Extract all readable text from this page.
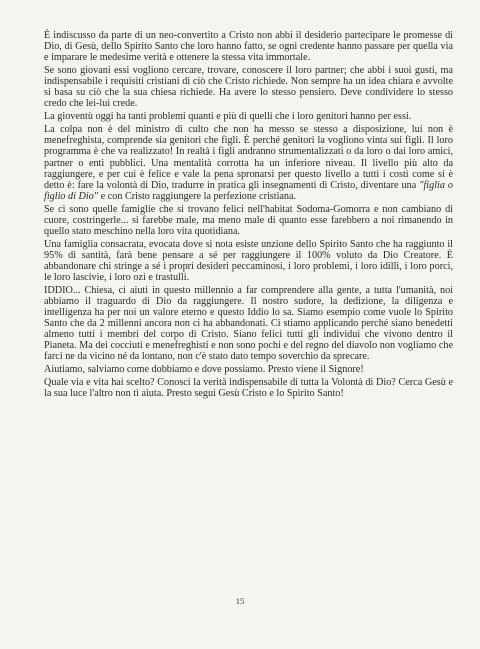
È indiscusso da parte di un neo-convertito a Cristo non abbi il desiderio partecipare le promesse di Dio, di Gesù, dello Spirito Santo che loro hanno fatto, se ogni credente hanno passare per quella via e imparare le medesime verità e ottenere la stessa vita immortale.

Se sono giovani essi vogliono cercare, trovare, conoscere il loro partner; che abbi i suoi gusti, ma indispensabile i requisiti cristiani di ciò che Cristo richiede. Non sempre ha un idea chiara e avvolte si basa su ciò che la sua chiesa richiede. Ha avere lo stesso pensiero. Deve condividere lo stesso credo che lei-lui crede.

La gioventù oggi ha tanti problemi quanti e più di quelli che i loro genitori hanno per essi.

La colpa non è del ministro di culto che non ha messo se stesso a disposizione, lui non è menefreghista, comprende sia genitori che figli. È perché genitori la vogliono vinta sui figli. Il loro programma è che va realizzato! In realtà i figli andranno strumentalizzati o da loro o dai loro amici, partner o enti pubblici. Una mentalità corrotta ha un inferiore niveau. Il livello più alto da raggiungere, e per cui è felice e vale la pena spronarsi per questo livello a tutti i costi come si è detto è: fare la volontà di Dio, tradurre in pratica gli insegnamenti di Cristo, diventare una "figlia o figlio di Dio" e con Cristo raggiungere la perfezione cristiana.

Se ci sono quelle famiglie che si trovano felici nell'habitat Sodoma-Gomorra e non cambiano di cuore, costringerle... si farebbe male, ma meno male di quanto esse farebbero a noi rimanendo in quello stato meschino nella loro vita quotidiana.

Una famiglia consacrata, evocata dove si nota esiste unzione dello Spirito Santo che ha raggiunto il 95% di santità, farà bene pensare a sé per raggiungere il 100% voluto da Dio Creatore. È abbandonare chi stringe a sé i propri desideri peccaminosi, i loro problemi, i loro idilli, i loro porci, le loro lascivie, i loro ozi e trastulli.

IDDIO... Chiesa, ci aiuti in questo millennio a far comprendere alla gente, a tutta l'umanità, noi abbiamo il traguardo di Dio da raggiungere. Il nostro sudore, la dedizione, la diligenza e intelligenza ha per noi un valore eterno e questo Iddio lo sa. Siamo esempio come vuole lo Spirito Santo che da 2 millenni ancora non ci ha abbandonati. Ci stiamo applicando perché siano benedetti almeno tutti i membri del corpo di Cristo. Siano felici tutti gli individui che vivono dentro il Pianeta. Ma dei cocciuti e menefreghisti e non sono pochi e del regno del diavolo non vogliamo che farci ne da vicino né da lontano, non c'è stato dato tempo soverchio da sprecare.

Aiutiamo, salviamo come dobbiamo e dove possiamo. Presto viene il Signore!

Quale via e vita hai scelto? Conosci la verità indispensabile di tutta la Volontà di Dio? Cerca Gesù e la sua luce l'altro non ti aiuta. Presto segui Gesù Cristo e lo Spirito Santo!

15
